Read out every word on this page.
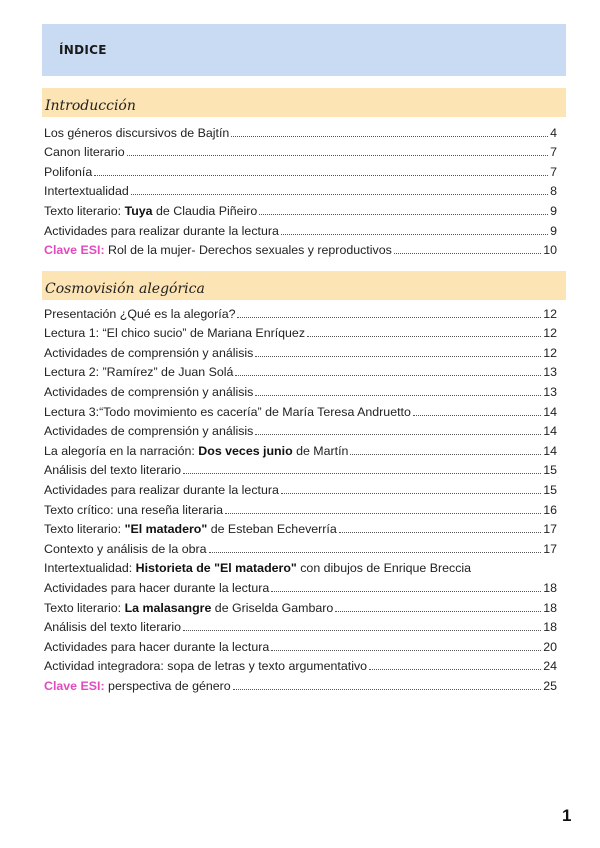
ÍNDICE
Introducción
Los géneros discursivos de Bajtín	4
Canon literario	7
Polifonía	7
Intertextualidad	8
Texto literario: Tuya de Claudia Piñeiro	9
Actividades para realizar durante la lectura	9
Clave ESI: Rol de la mujer- Derechos sexuales y reproductivos	10
Cosmovisión alegórica
Presentación ¿Qué es la alegoría?	12
Lectura 1: “El chico sucio” de Mariana Enríquez	12
Actividades de comprensión y análisis	12
Lectura 2: ”Ramírez” de Juan Solá	13
Actividades de comprensión y análisis	13
Lectura 3:“Todo movimiento es cacería” de María Teresa Andruetto	14
Actividades de comprensión y análisis	14
La alegoría en la narración: Dos veces junio de Martín	14
Análisis del texto literario	15
Actividades para realizar durante la lectura	15
Texto crítico: una reseña literaria	16
Texto literario: "El matadero" de Esteban Echeverría	17
Contexto y análisis de la obra	17
Intertextualidad: Historieta de "El matadero" con dibujos de Enrique Breccia
Actividades para hacer durante la lectura	18
Texto literario: La malasangre de Griselda Gambaro	18
Análisis del texto literario	18
Actividades para hacer durante la lectura	20
Actividad integradora: sopa de letras y texto argumentativo	24
Clave ESI: perspectiva de género	25
1
